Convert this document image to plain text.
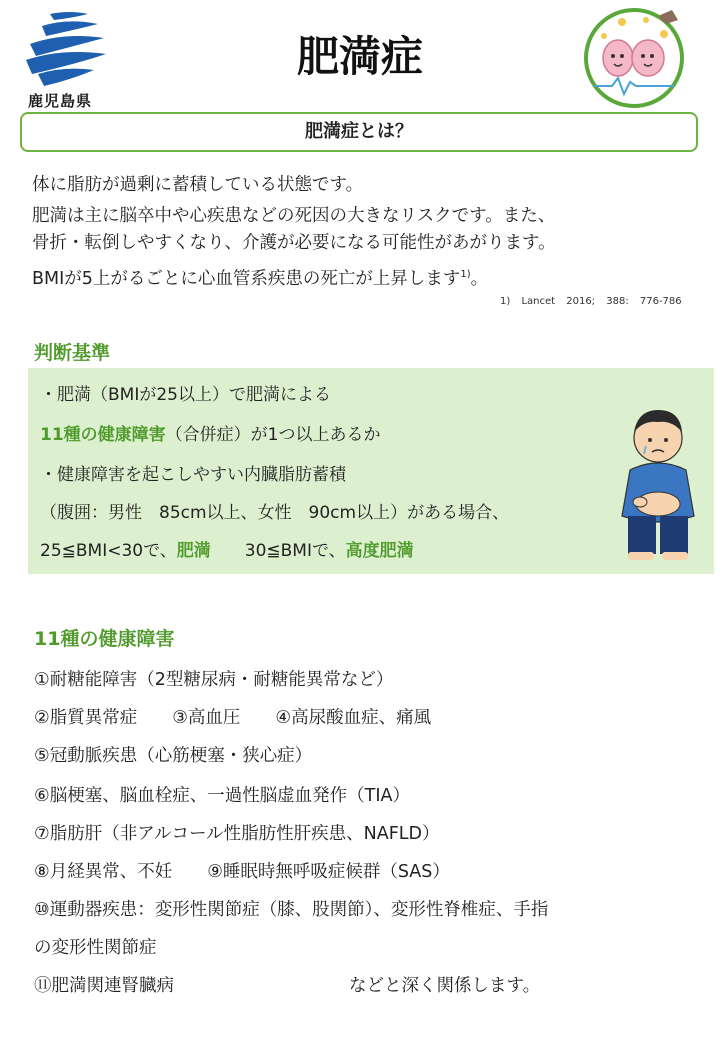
鹿児島県
肥満症
肥満症とは？

体に脂肪が過剰に蓄積している状態です。

肥満は主に脳卒中や心疾患などの死因の大きなリスクです。また、
骨折・転倒しやすくなり、介護が必要になる可能性があがります。

BMIが5上がるごとに心血管系疾患の死亡が上昇します$^{1)}$。

1) Lancet 2016; 388: 776-786
判断基準
・肥満（BMIが25以上）で肥満による
11種の健康障害（合併症）が1つ以上あるか
・健康障害を起こしやすい内臓脂肪蓄積
（腹囲：男性　85cm以上、女性　90cm以上）がある場合、
25≦BMI<30で、肥満　　30≦BMIで、高度肥満
11種の健康障害
①耐糖能障害（2型糖尿病・耐糖能異常など）
②脂質異常症　　③高血圧　　④高尿酸血症、痛風
⑤冠動脈疾患（心筋梗塞・狭心症）
⑥脳梗塞、脳血栓症、一過性脳虚血発作（TIA）
⑦脂肪肝（非アルコール性脂肪性肝疾患、NAFLD）
⑧月経異常、不妊　　⑨睡眠時無呼吸症候群（SAS）
⑩運動器疾患：変形性関節症（膝、股関節）、変形性脊椎症、手指
の変形性関節症
⑪肥満関連腎臓病　　　　　　　　　　などと深く関係します。
